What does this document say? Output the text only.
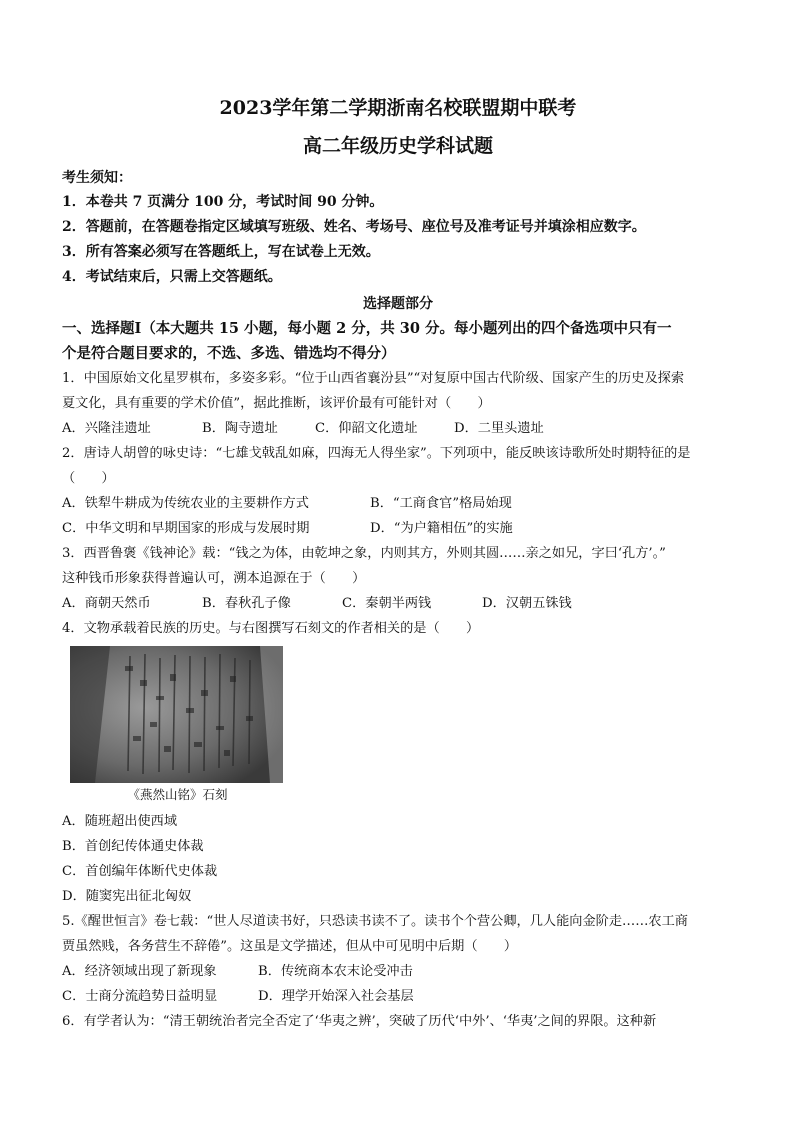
2023学年第二学期浙南名校联盟期中联考
高二年级历史学科试题
考生须知：
1．本卷共 7 页满分 100 分，考试时间 90 分钟。
2．答题前，在答题卷指定区域填写班级、姓名、考场号、座位号及准考证号并填涂相应数字。
3．所有答案必须写在答题纸上，写在试卷上无效。
4．考试结束后，只需上交答题纸。
选择题部分
一、选择题Ⅰ（本大题共 15 小题，每小题 2 分，共 30 分。每小题列出的四个备选项中只有一
个是符合题目要求的，不选、多选、错选均不得分）
1．中国原始文化星罗棋布，多姿多彩。“位于山西省襄汾县”“对复原中国古代阶级、国家产生的历史及探索
夏文化，具有重要的学术价值”，据此推断，该评价最有可能针对（　　）
A．兴隆洼遗址	B．陶寺遗址	C．仰韶文化遗址	D．二里头遗址
2．唐诗人胡曾的咏史诗：“七雄戈戟乱如麻，四海无人得坐家”。下列项中，能反映该诗歌所处时期特征的是
（　　）
A．铁犁牛耕成为传统农业的主要耕作方式	B．“工商食官”格局始现
C．中华文明和早期国家的形成与发展时期	D．“为户籍相伍”的实施
3．西晋鲁褒《钱神论》载：“钱之为体，由乾坤之象，内则其方，外则其圆……亲之如兄，字曰‘孔方’。”
这种钱币形象获得普遍认可，溯本追源在于（　　）
A．商朝天然币	B．春秋孔子像	C．秦朝半两钱	D．汉朝五铢钱
4．文物承载着民族的历史。与右图撰写石刻文的作者相关的是（　　）
《燕然山铭》石刻
A．随班超出使西域
B．首创纪传体通史体裁
C．首创编年体断代史体裁
D．随窦宪出征北匈奴
5.《醒世恒言》卷七载：“世人尽道读书好，只恐读书读不了。读书个个营公卿，几人能向金阶走……农工商
贾虽然贱，各务营生不辞倦”。这虽是文学描述，但从中可见明中后期（　　）
A．经济领域出现了新现象	B．传统商本农末论受冲击
C．士商分流趋势日益明显	D．理学开始深入社会基层
6．有学者认为：“清王朝统治者完全否定了‘华夷之辨’，突破了历代‘中外’、‘华夷’之间的界限。这种新
